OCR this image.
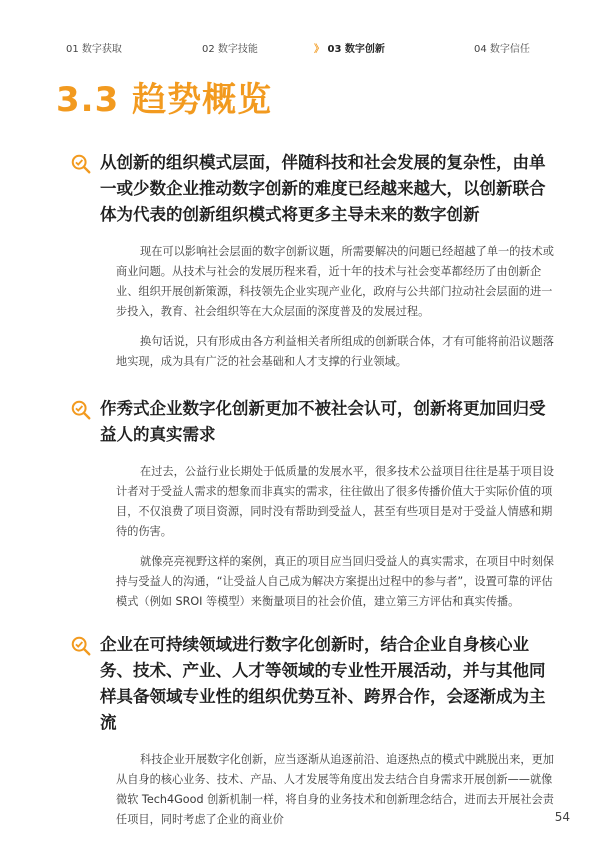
01 数字获取	02 数字技能	》 03 数字创新	04 数字信任
3.3 趋势概览
从创新的组织模式层面，伴随科技和社会发展的复杂性，由单一或少数企业推动数字创新的难度已经越来越大，以创新联合体为代表的创新组织模式将更多主导未来的数字创新

现在可以影响社会层面的数字创新议题，所需要解决的问题已经超越了单一的技术或商业问题。从技术与社会的发展历程来看，近十年的技术与社会变革都经历了由创新企业、组织开展创新策源，科技领先企业实现产业化，政府与公共部门拉动社会层面的进一步投入，教育、社会组织等在大众层面的深度普及的发展过程。

换句话说，只有形成由各方利益相关者所组成的创新联合体，才有可能将前沿议题落地实现，成为具有广泛的社会基础和人才支撑的行业领域。

作秀式企业数字化创新更加不被社会认可，创新将更加回归受益人的真实需求

在过去，公益行业长期处于低质量的发展水平，很多技术公益项目往往是基于项目设计者对于受益人需求的想象而非真实的需求，往往做出了很多传播价值大于实际价值的项目，不仅浪费了项目资源，同时没有帮助到受益人，甚至有些项目是对于受益人情感和期待的伤害。

就像亮亮视野这样的案例，真正的项目应当回归受益人的真实需求，在项目中时刻保持与受益人的沟通，“让受益人自己成为解决方案提出过程中的参与者”，设置可靠的评估模式（例如 SROI 等模型）来衡量项目的社会价值，建立第三方评估和真实传播。

企业在可持续领域进行数字化创新时，结合企业自身核心业务、技术、产业、人才等领域的专业性开展活动，并与其他同样具备领域专业性的组织优势互补、跨界合作，会逐渐成为主流

科技企业开展数字化创新，应当逐渐从追逐前沿、追逐热点的模式中跳脱出来，更加从自身的核心业务、技术、产品、人才发展等角度出发去结合自身需求开展创新——就像微软 Tech4Good 创新机制一样，将自身的业务技术和创新理念结合，进而去开展社会责任项目，同时考虑了企业的商业价	54
